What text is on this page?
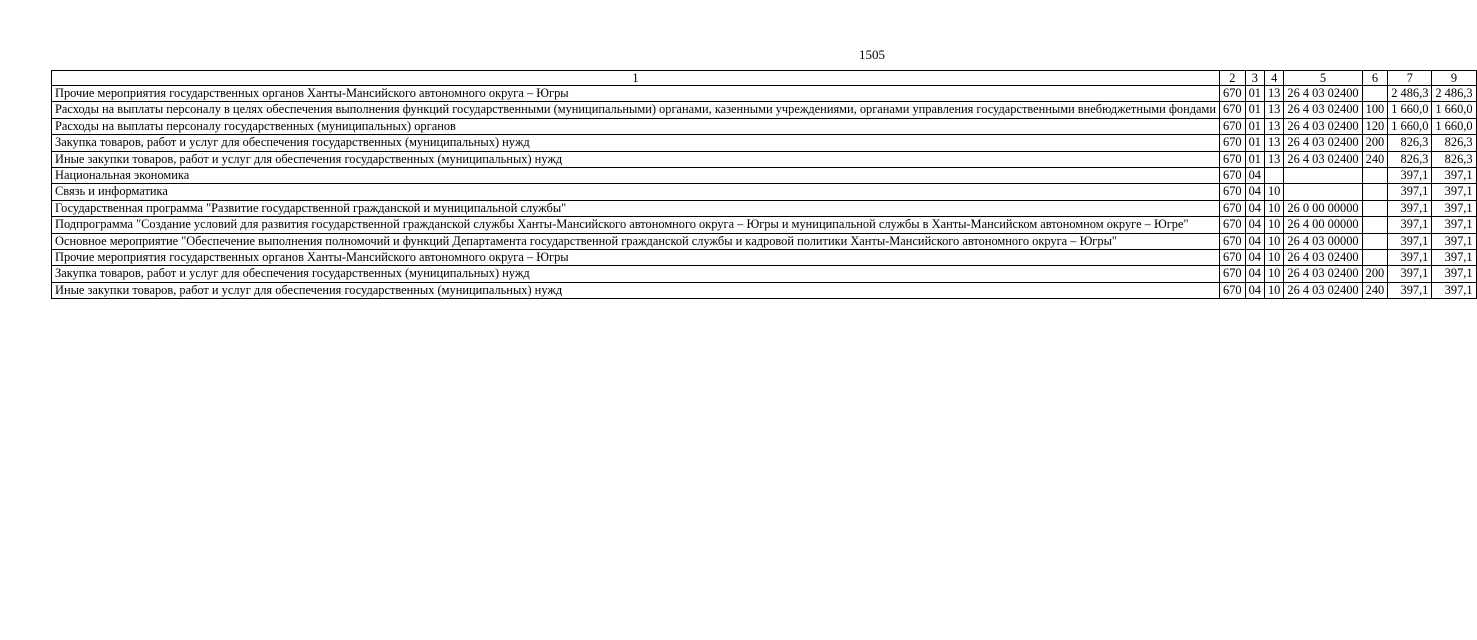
1505
1	2	3	4	5	6	7	9
Прочие мероприятия государственных органов Ханты-Мансийского автономного округа – Югры	670	01	13	26 4 03 02400		2 486,3	2 486,3
Расходы на выплаты персоналу в целях обеспечения выполнения функций государственными (муниципальными) органами, казенными учреждениями, органами управления государственными внебюджетными фондами	670	01	13	26 4 03 02400	100	1 660,0	1 660,0
Расходы на выплаты персоналу государственных (муниципальных) органов	670	01	13	26 4 03 02400	120	1 660,0	1 660,0
Закупка товаров, работ и услуг для обеспечения государственных (муниципальных) нужд	670	01	13	26 4 03 02400	200	826,3	826,3
Иные закупки товаров, работ и услуг для обеспечения государственных (муниципальных) нужд	670	01	13	26 4 03 02400	240	826,3	826,3
Национальная экономика	670	04				397,1	397,1
Связь и информатика	670	04	10			397,1	397,1
Государственная программа "Развитие государственной гражданской и муниципальной службы"	670	04	10	26 0 00 00000		397,1	397,1
Подпрограмма "Создание условий для развития государственной гражданской службы Ханты-Мансийского автономного округа – Югры и муниципальной службы в Ханты-Мансийском автономном округе – Югре"	670	04	10	26 4 00 00000		397,1	397,1
Основное мероприятие "Обеспечение выполнения полномочий и функций Департамента государственной гражданской службы и кадровой политики Ханты-Мансийского автономного округа – Югры"	670	04	10	26 4 03 00000		397,1	397,1
Прочие мероприятия государственных органов Ханты-Мансийского автономного округа – Югры	670	04	10	26 4 03 02400		397,1	397,1
Закупка товаров, работ и услуг для обеспечения государственных (муниципальных) нужд	670	04	10	26 4 03 02400	200	397,1	397,1
Иные закупки товаров, работ и услуг для обеспечения государственных (муниципальных) нужд	670	04	10	26 4 03 02400	240	397,1	397,1
